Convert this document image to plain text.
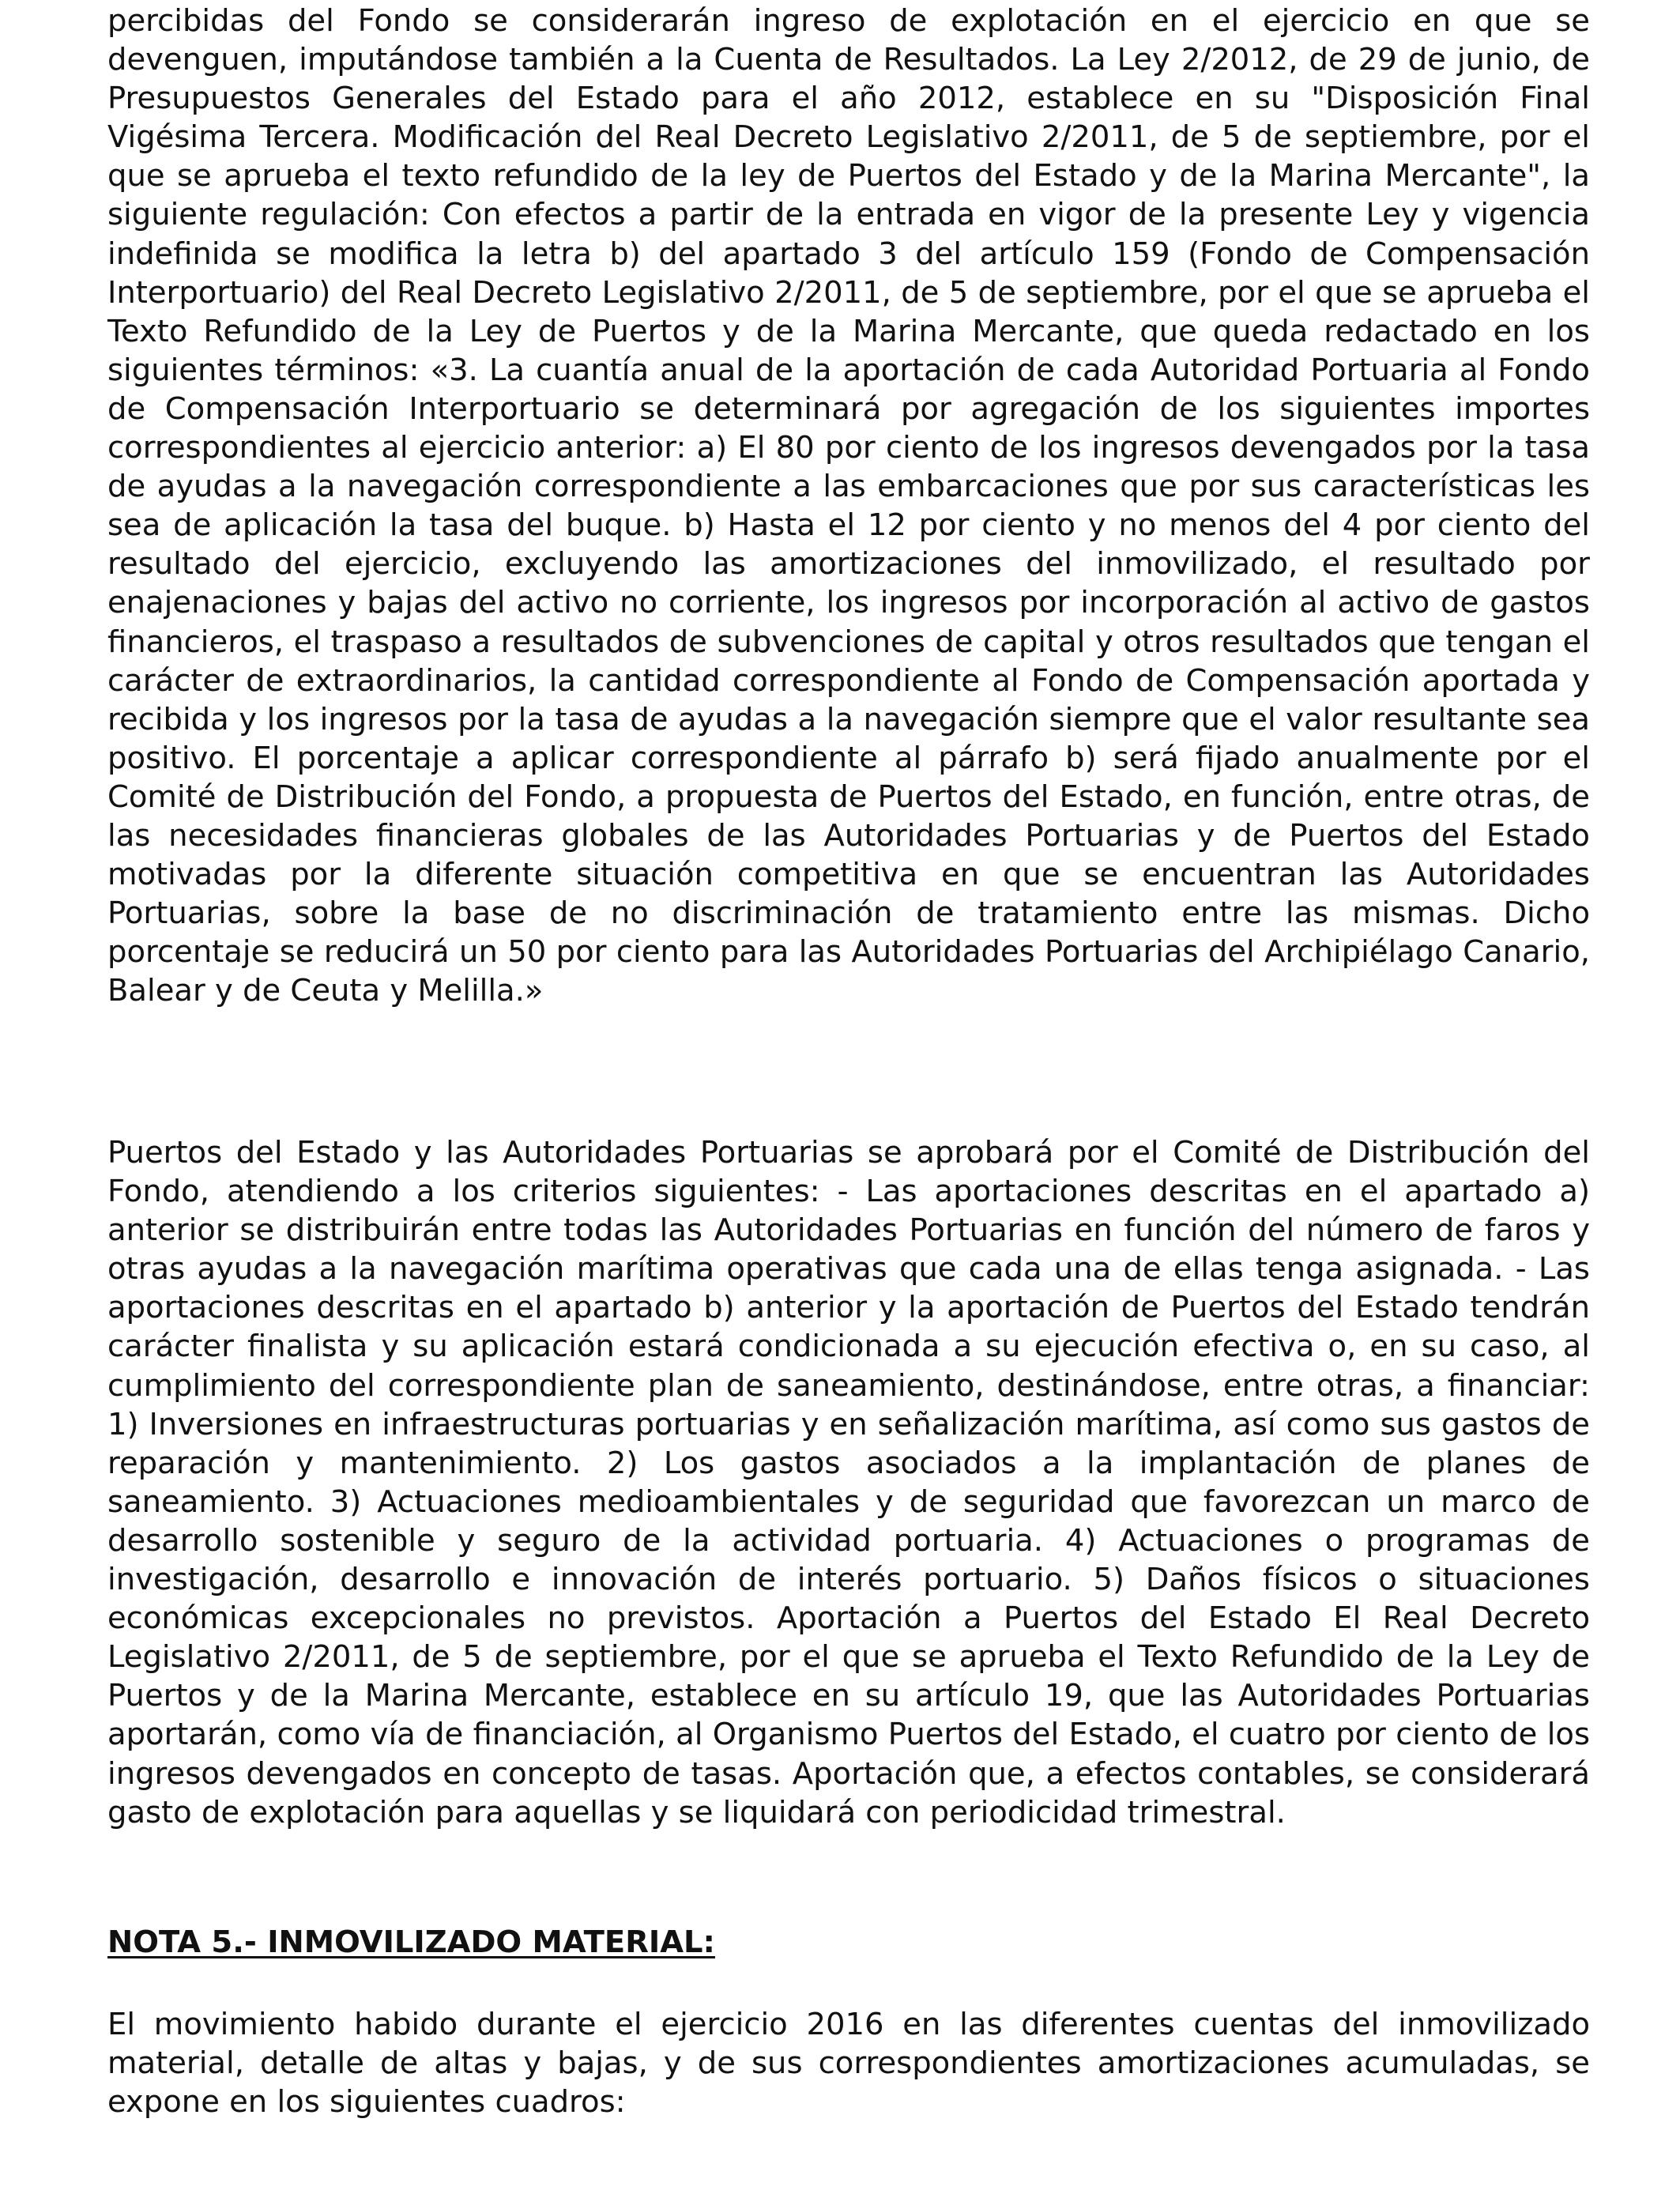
percibidas del Fondo se considerarán ingreso de explotación en el ejercicio en que se devenguen, imputándose también a la Cuenta de Resultados. La Ley 2/2012, de 29 de junio, de Presupuestos Generales del Estado para el año 2012, establece en su "Disposición Final Vigésima Tercera. Modificación del Real Decreto Legislativo 2/2011, de 5 de septiembre, por el que se aprueba el texto refundido de la ley de Puertos del Estado y de la Marina Mercante", la siguiente regulación: Con efectos a partir de la entrada en vigor de la presente Ley y vigencia indefinida se modifica la letra b) del apartado 3 del artículo 159 (Fondo de Compensación Interportuario) del Real Decreto Legislativo 2/2011, de 5 de septiembre, por el que se aprueba el Texto Refundido de la Ley de Puertos y de la Marina Mercante, que queda redactado en los siguientes términos: «3. La cuantía anual de la aportación de cada Autoridad Portuaria al Fondo de Compensación Interportuario se determinará por agregación de los siguientes importes correspondientes al ejercicio anterior: a) El 80 por ciento de los ingresos devengados por la tasa de ayudas a la navegación correspondiente a las embarcaciones que por sus características les sea de aplicación la tasa del buque. b) Hasta el 12 por ciento y no menos del 4 por ciento del resultado del ejercicio, excluyendo las amortizaciones del inmovilizado, el resultado por enajenaciones y bajas del activo no corriente, los ingresos por incorporación al activo de gastos financieros, el traspaso a resultados de subvenciones de capital y otros resultados que tengan el carácter de extraordinarios, la cantidad correspondiente al Fondo de Compensación aportada y recibida y los ingresos por la tasa de ayudas a la navegación siempre que el valor resultante sea positivo. El porcentaje a aplicar correspondiente al párrafo b) será fijado anualmente por el Comité de Distribución del Fondo, a propuesta de Puertos del Estado, en función, entre otras, de las necesidades financieras globales de las Autoridades Portuarias y de Puertos del Estado motivadas por la diferente situación competitiva en que se encuentran las Autoridades Portuarias, sobre la base de no discriminación de tratamiento entre las mismas. Dicho porcentaje se reducirá un 50 por ciento para las Autoridades Portuarias del Archipiélago Canario, Balear y de Ceuta y Melilla.»

Puertos del Estado y las Autoridades Portuarias se aprobará por el Comité de Distribución del Fondo, atendiendo a los criterios siguientes: - Las aportaciones descritas en el apartado a) anterior se distribuirán entre todas las Autoridades Portuarias en función del número de faros y otras ayudas a la navegación marítima operativas que cada una de ellas tenga asignada. - Las aportaciones descritas en el apartado b) anterior y la aportación de Puertos del Estado tendrán carácter finalista y su aplicación estará condicionada a su ejecución efectiva o, en su caso, al cumplimiento del correspondiente plan de saneamiento, destinándose, entre otras, a financiar: 1) Inversiones en infraestructuras portuarias y en señalización marítima, así como sus gastos de reparación y mantenimiento. 2) Los gastos asociados a la implantación de planes de saneamiento. 3) Actuaciones medioambientales y de seguridad que favorezcan un marco de desarrollo sostenible y seguro de la actividad portuaria. 4) Actuaciones o programas de investigación, desarrollo e innovación de interés portuario. 5) Daños físicos o situaciones económicas excepcionales no previstos. Aportación a Puertos del Estado El Real Decreto Legislativo 2/2011, de 5 de septiembre, por el que se aprueba el Texto Refundido de la Ley de Puertos y de la Marina Mercante, establece en su artículo 19, que las Autoridades Portuarias aportarán, como vía de financiación, al Organismo Puertos del Estado, el cuatro por ciento de los ingresos devengados en concepto de tasas. Aportación que, a efectos contables, se considerará gasto de explotación para aquellas y se liquidará con periodicidad trimestral.

NOTA 5.- INMOVILIZADO MATERIAL:

El movimiento habido durante el ejercicio 2016 en las diferentes cuentas del inmovilizado material, detalle de altas y bajas, y de sus correspondientes amortizaciones acumuladas, se expone en los siguientes cuadros:
